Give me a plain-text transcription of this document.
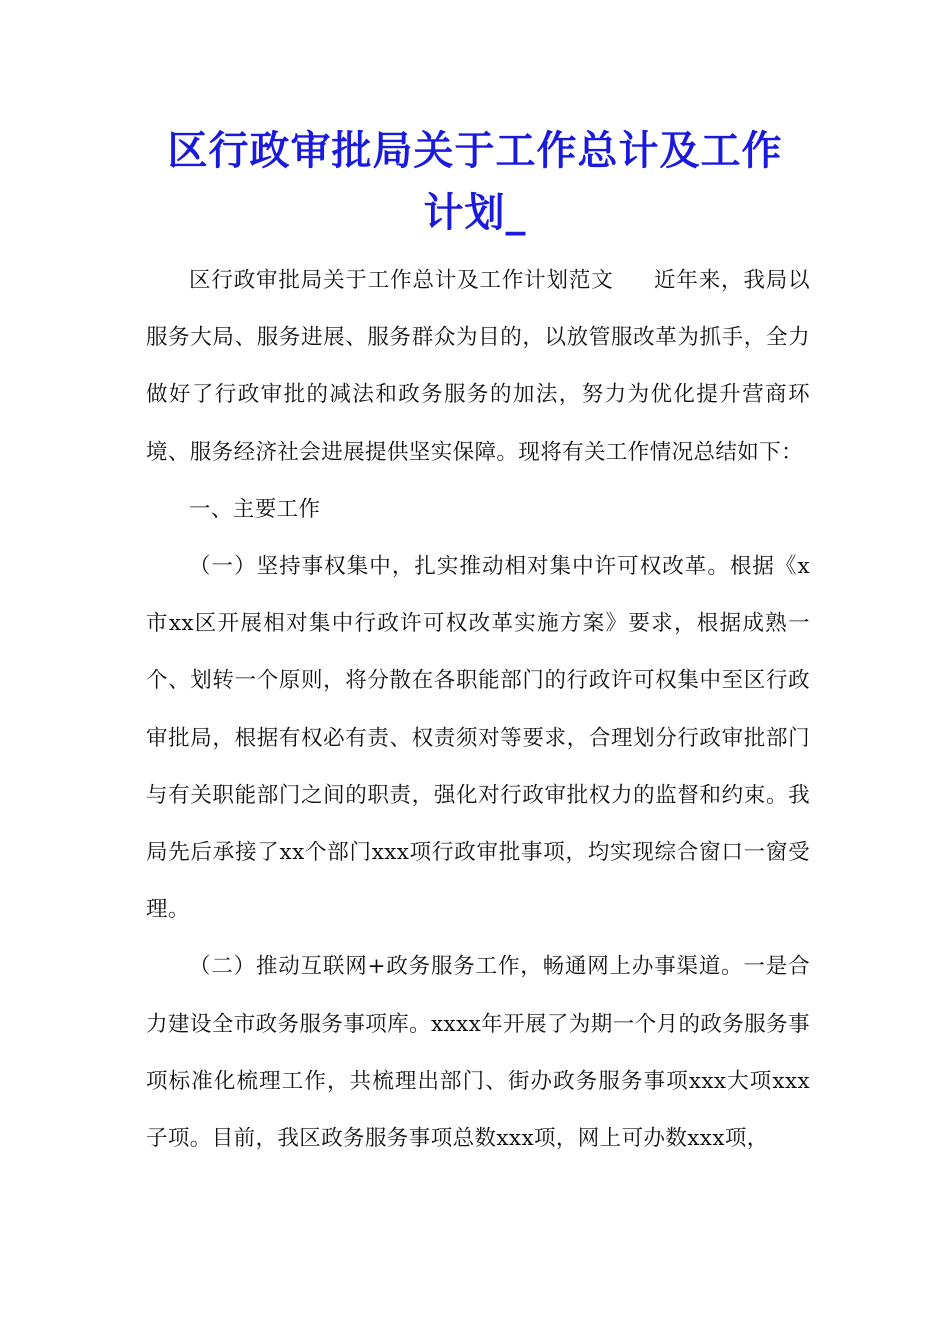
区行政审批局关于工作总计及工作
计划_

区行政审批局关于工作总计及工作计划范文 近年来，我局以服务大局、服务进展、服务群众为目的，以放管服改革为抓手，全力做好了行政审批的减法和政务服务的加法，努力为优化提升营商环境、服务经济社会进展提供坚实保障。现将有关工作情况总结如下：

一、主要工作

（一）坚持事权集中，扎实推动相对集中许可权改革。根据《x市xx区开展相对集中行政许可权改革实施方案》要求，根据成熟一个、划转一个原则，将分散在各职能部门的行政许可权集中至区行政审批局，根据有权必有责、权责须对等要求，合理划分行政审批部门与有关职能部门之间的职责，强化对行政审批权力的监督和约束。我局先后承接了xx个部门xxx项行政审批事项，均实现综合窗口一窗受理。

（二）推动互联网+政务服务工作，畅通网上办事渠道。一是合力建设全市政务服务事项库。xxxx年开展了为期一个月的政务服务事项标准化梳理工作，共梳理出部门、街办政务服务事项xxx大项xxx子项。目前，我区政务服务事项总数xxx项，网上可办数xxx项，
